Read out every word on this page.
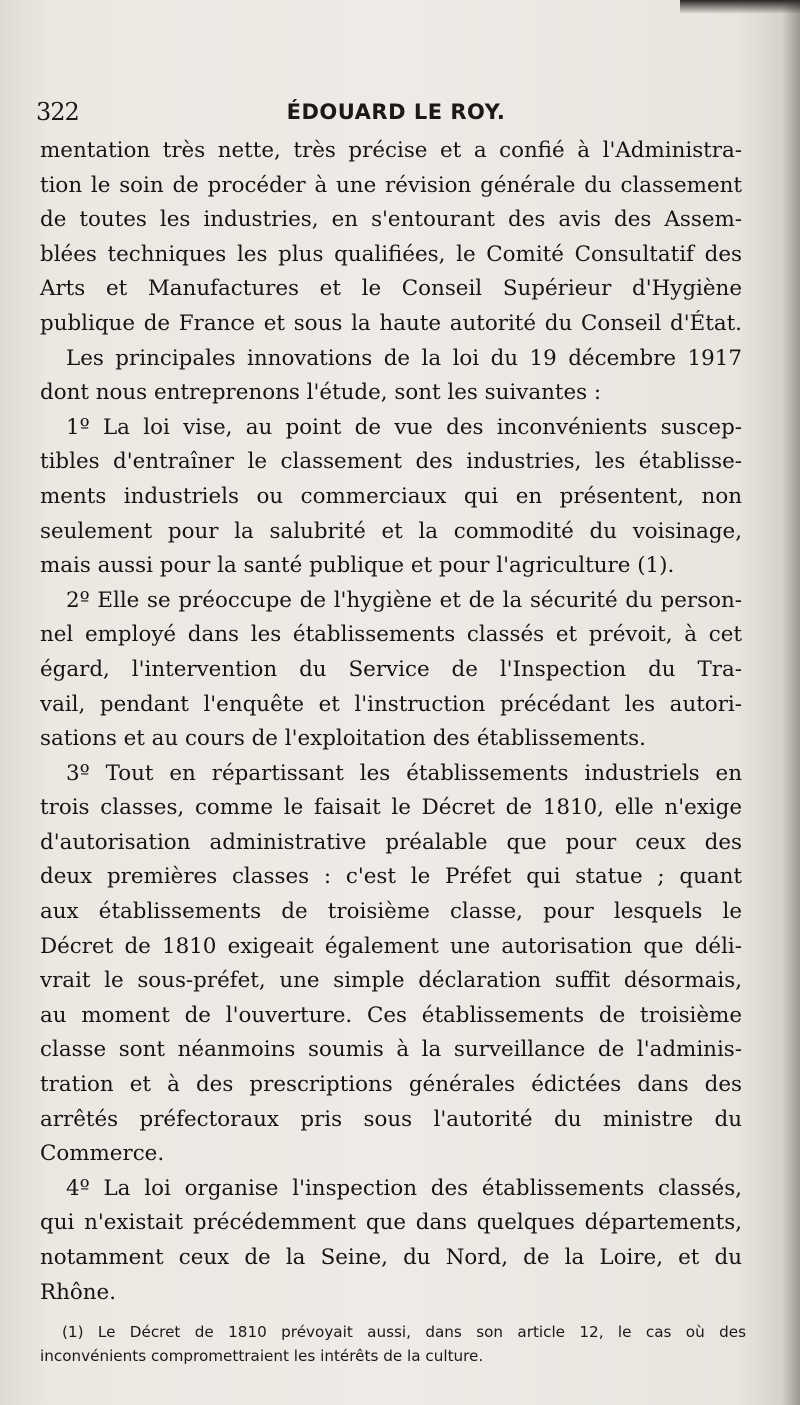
322	ÉDOUARD LE ROY.
mentation très nette, très précise et a confié à l'Administra-
tion le soin de procéder à une révision générale du classement
de toutes les industries, en s'entourant des avis des Assem-
blées techniques les plus qualifiées, le Comité Consultatif des
Arts et Manufactures et le Conseil Supérieur d'Hygiène
publique de France et sous la haute autorité du Conseil d'État.
Les principales innovations de la loi du 19 décembre 1917
dont nous entreprenons l'étude, sont les suivantes :
1º La loi vise, au point de vue des inconvénients suscep-
tibles d'entraîner le classement des industries, les établisse-
ments industriels ou commerciaux qui en présentent, non
seulement pour la salubrité et la commodité du voisinage,
mais aussi pour la santé publique et pour l'agriculture (1).
2º Elle se préoccupe de l'hygiène et de la sécurité du person-
nel employé dans les établissements classés et prévoit, à cet
égard, l'intervention du Service de l'Inspection du Tra-
vail, pendant l'enquête et l'instruction précédant les autori-
sations et au cours de l'exploitation des établissements.
3º Tout en répartissant les établissements industriels en
trois classes, comme le faisait le Décret de 1810, elle n'exige
d'autorisation administrative préalable que pour ceux des
deux premières classes : c'est le Préfet qui statue ; quant
aux établissements de troisième classe, pour lesquels le
Décret de 1810 exigeait également une autorisation que déli-
vrait le sous-préfet, une simple déclaration suffit désormais,
au moment de l'ouverture. Ces établissements de troisième
classe sont néanmoins soumis à la surveillance de l'adminis-
tration et à des prescriptions générales édictées dans des
arrêtés préfectoraux pris sous l'autorité du ministre du
Commerce.
4º La loi organise l'inspection des établissements classés,
qui n'existait précédemment que dans quelques départements,
notamment ceux de la Seine, du Nord, de la Loire, et du
Rhône.
(1) Le Décret de 1810 prévoyait aussi, dans son article 12, le cas où des
inconvénients compromettraient les intérêts de la culture.
